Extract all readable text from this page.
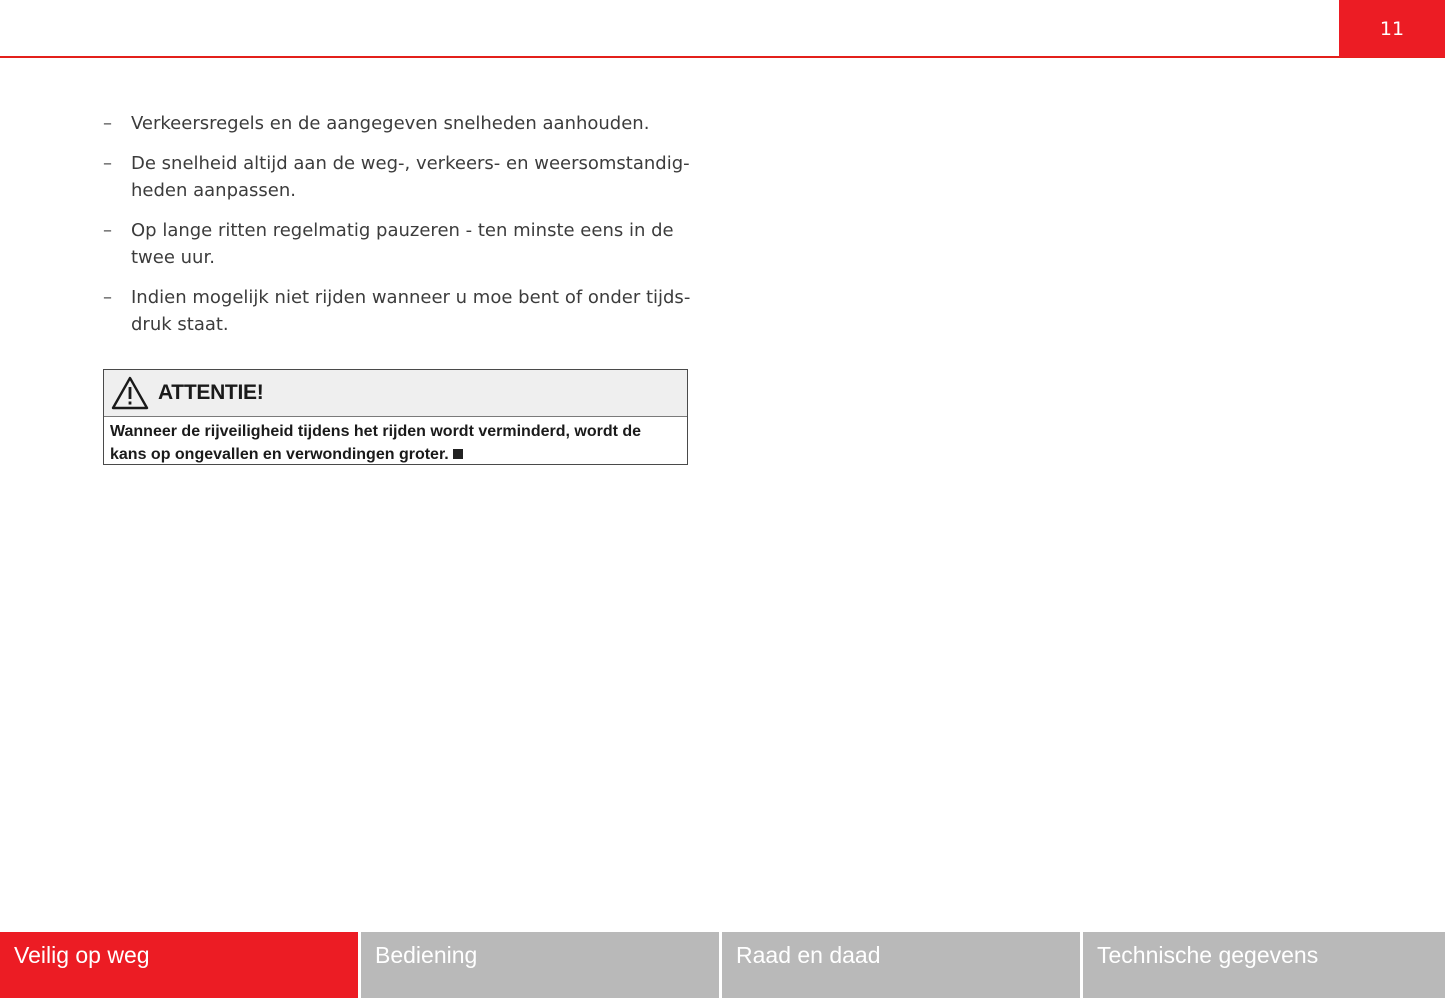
11
– Verkeersregels en de aangegeven snelheden aanhouden.
– De snelheid altijd aan de weg-, verkeers- en weersomstandig- heden aanpassen.
– Op lange ritten regelmatig pauzeren - ten minste eens in de twee uur.
– Indien mogelijk niet rijden wanneer u moe bent of onder tijds- druk staat.
ATTENTIE!
Wanneer de rijveiligheid tijdens het rijden wordt verminderd, wordt de kans op ongevallen en verwondingen groter.
Veilig op weg	Bediening	Raad en daad	Technische gegevens
